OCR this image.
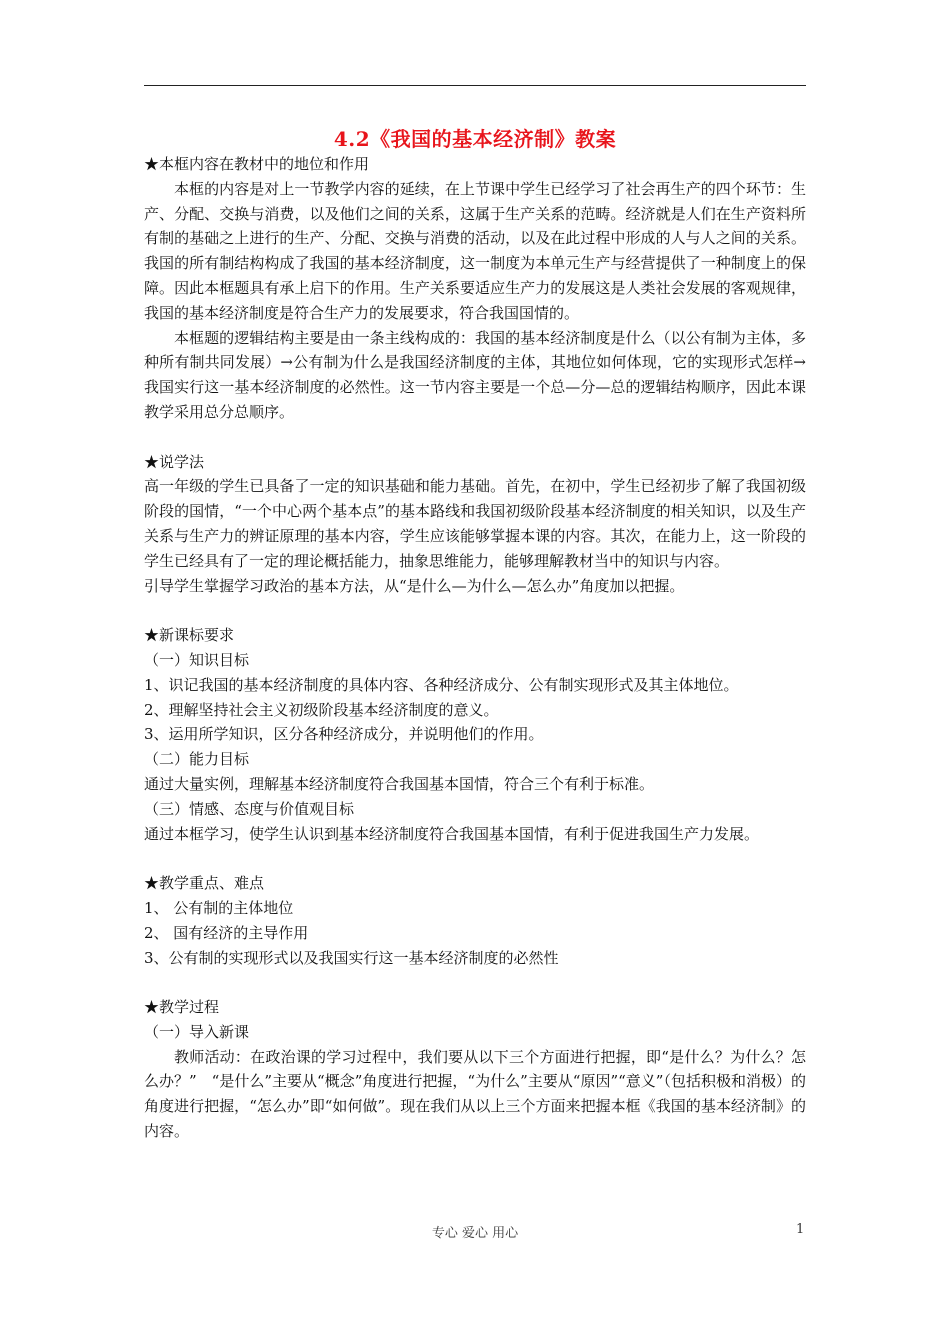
4.2《我国的基本经济制》教案

★本框内容在教材中的地位和作用

本框的内容是对上一节教学内容的延续，在上节课中学生已经学习了社会再生产的四个环节：生产、分配、交换与消费，以及他们之间的关系，这属于生产关系的范畴。经济就是人们在生产资料所有制的基础之上进行的生产、分配、交换与消费的活动，以及在此过程中形成的人与人之间的关系。我国的所有制结构构成了我国的基本经济制度，这一制度为本单元生产与经营提供了一种制度上的保障。因此本框题具有承上启下的作用。生产关系要适应生产力的发展这是人类社会发展的客观规律，我国的基本经济制度是符合生产力的发展要求，符合我国国情的。

本框题的逻辑结构主要是由一条主线构成的：我国的基本经济制度是什么（以公有制为主体，多种所有制共同发展）→公有制为什么是我国经济制度的主体，其地位如何体现，它的实现形式怎样→我国实行这一基本经济制度的必然性。这一节内容主要是一个总—分—总的逻辑结构顺序，因此本课教学采用总分总顺序。

★说学法

高一年级的学生已具备了一定的知识基础和能力基础。首先，在初中，学生已经初步了解了我国初级阶段的国情，“一个中心两个基本点”的基本路线和我国初级阶段基本经济制度的相关知识，以及生产关系与生产力的辨证原理的基本内容，学生应该能够掌握本课的内容。其次，在能力上，这一阶段的学生已经具有了一定的理论概括能力，抽象思维能力，能够理解教材当中的知识与内容。

引导学生掌握学习政治的基本方法，从“是什么—为什么—怎么办”角度加以把握。

★新课标要求

（一）知识目标

1、识记我国的基本经济制度的具体内容、各种经济成分、公有制实现形式及其主体地位。

2、理解坚持社会主义初级阶段基本经济制度的意义。

3、运用所学知识，区分各种经济成分，并说明他们的作用。

（二）能力目标

通过大量实例，理解基本经济制度符合我国基本国情，符合三个有利于标准。

（三）情感、态度与价值观目标

通过本框学习，使学生认识到基本经济制度符合我国基本国情，有利于促进我国生产力发展。

★教学重点、难点

1、 公有制的主体地位

2、 国有经济的主导作用

3、公有制的实现形式以及我国实行这一基本经济制度的必然性

★教学过程

（一）导入新课

教师活动：在政治课的学习过程中，我们要从以下三个方面进行把握，即“是什么？为什么？怎么办？”　“是什么”主要从“概念”角度进行把握，“为什么”主要从“原因”“意义”（包括积极和消极）的角度进行把握，“怎么办”即“如何做”。现在我们从以上三个方面来把握本框《我国的基本经济制》的内容。

专心 爱心 用心	1
